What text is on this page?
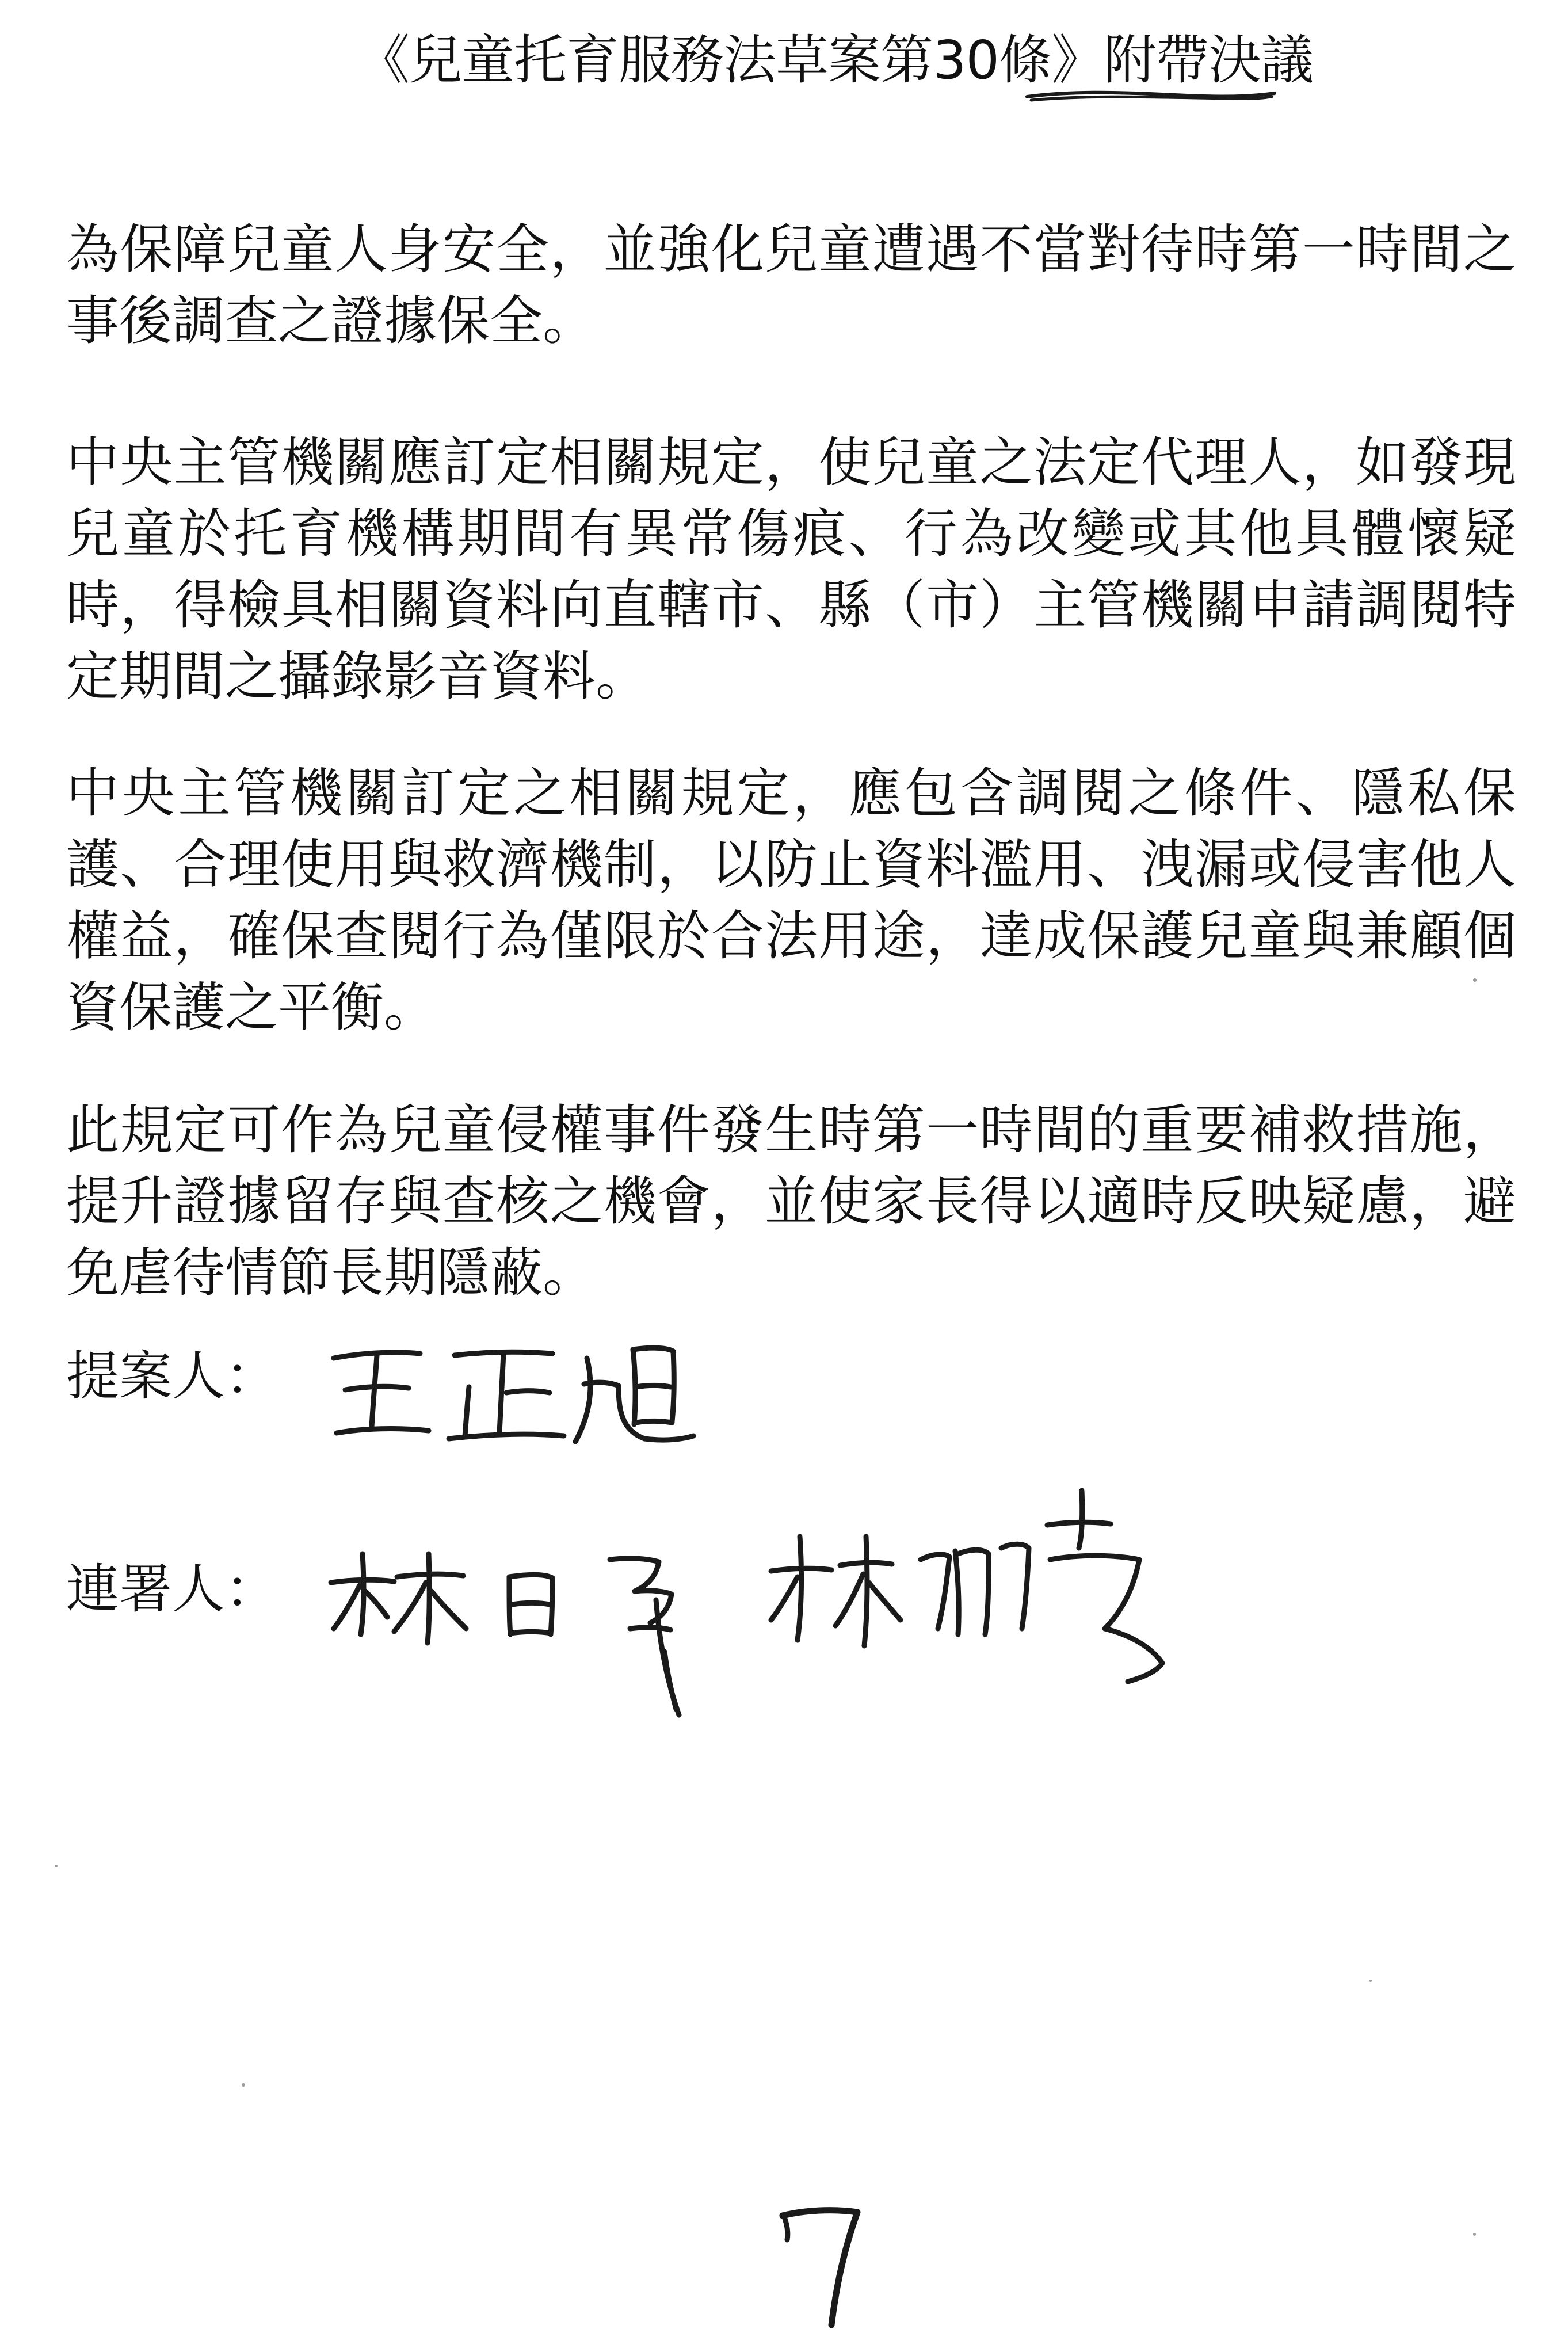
《兒童托育服務法草案第30條》附帶決議

為保障兒童人身安全，並強化兒童遭遇不當對待時第一時間之事後調查之證據保全。

中央主管機關應訂定相關規定，使兒童之法定代理人，如發現兒童於托育機構期間有異常傷痕、行為改變或其他具體懷疑時，得檢具相關資料向直轄市、縣（市）主管機關申請調閱特定期間之攝錄影音資料。

中央主管機關訂定之相關規定，應包含調閱之條件、隱私保護、合理使用與救濟機制，以防止資料濫用、洩漏或侵害他人權益，確保查閱行為僅限於合法用途，達成保護兒童與兼顧個資保護之平衡。

此規定可作為兒童侵權事件發生時第一時間的重要補救措施，提升證據留存與查核之機會，並使家長得以適時反映疑慮，避免虐待情節長期隱蔽。

提案人：
連署人：
